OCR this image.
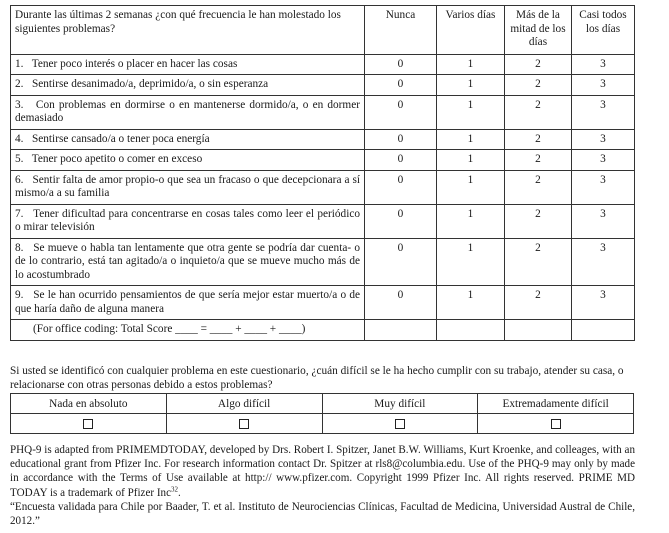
Durante las últimas 2 semanas ¿con qué frecuencia le han molestado los siguientes problemas?	Nunca	Varios días	Más de la mitad de los días	Casi todos los días
1. Tener poco interés o placer en hacer las cosas	0	1	2	3
2. Sentirse desanimado/a, deprimido/a, o sin esperanza	0	1	2	3
3. Con problemas en dormirse o en mantenerse dormido/a, o en dormer demasiado	0	1	2	3
4. Sentirse cansado/a o tener poca energía	0	1	2	3
5. Tener poco apetito o comer en exceso	0	1	2	3
6. Sentir falta de amor propio-o que sea un fracaso o que decepcionara a sí mismo/a a su familia	0	1	2	3
7. Tener dificultad para concentrarse en cosas tales como leer el periódico o mirar televisión	0	1	2	3
8. Se mueve o habla tan lentamente que otra gente se podría dar cuenta- o de lo contrario, está tan agitado/a o inquieto/a que se mueve mucho más de lo acostumbrado	0	1	2	3
9. Se le han ocurrido pensamientos de que sería mejor estar muerto/a o de que haría daño de alguna manera	0	1	2	3
(For office coding: Total Score ____ = ____ + ____ + ____)				
Si usted se identificó con cualquier problema en este cuestionario, ¿cuán difícil se le ha hecho cumplir con su trabajo, atender su casa, o relacionarse con otras personas debido a estos problemas?
Nada en absoluto	Algo difícil	Muy difícil	Extremadamente difícil

PHQ-9 is adapted from PRIMEMDTODAY, developed by Drs. Robert I. Spitzer, Janet B.W. Williams, Kurt Kroenke, and colleages, with an educational grant from Pfizer Inc. For research information contact Dr. Spitzer at rls8@columbia.edu. Use of the PHQ-9 may only by made in accordance with the Terms of Use available at http:// www.pfizer.com. Copyright 1999 Pfizer Inc. All rights reserved. PRIME MD TODAY is a trademark of Pfizer Inc$^{32}$.

“Encuesta validada para Chile por Baader, T. et al. Instituto de Neurociencias Clínicas, Facultad de Medicina, Universidad Austral de Chile, 2012.”
